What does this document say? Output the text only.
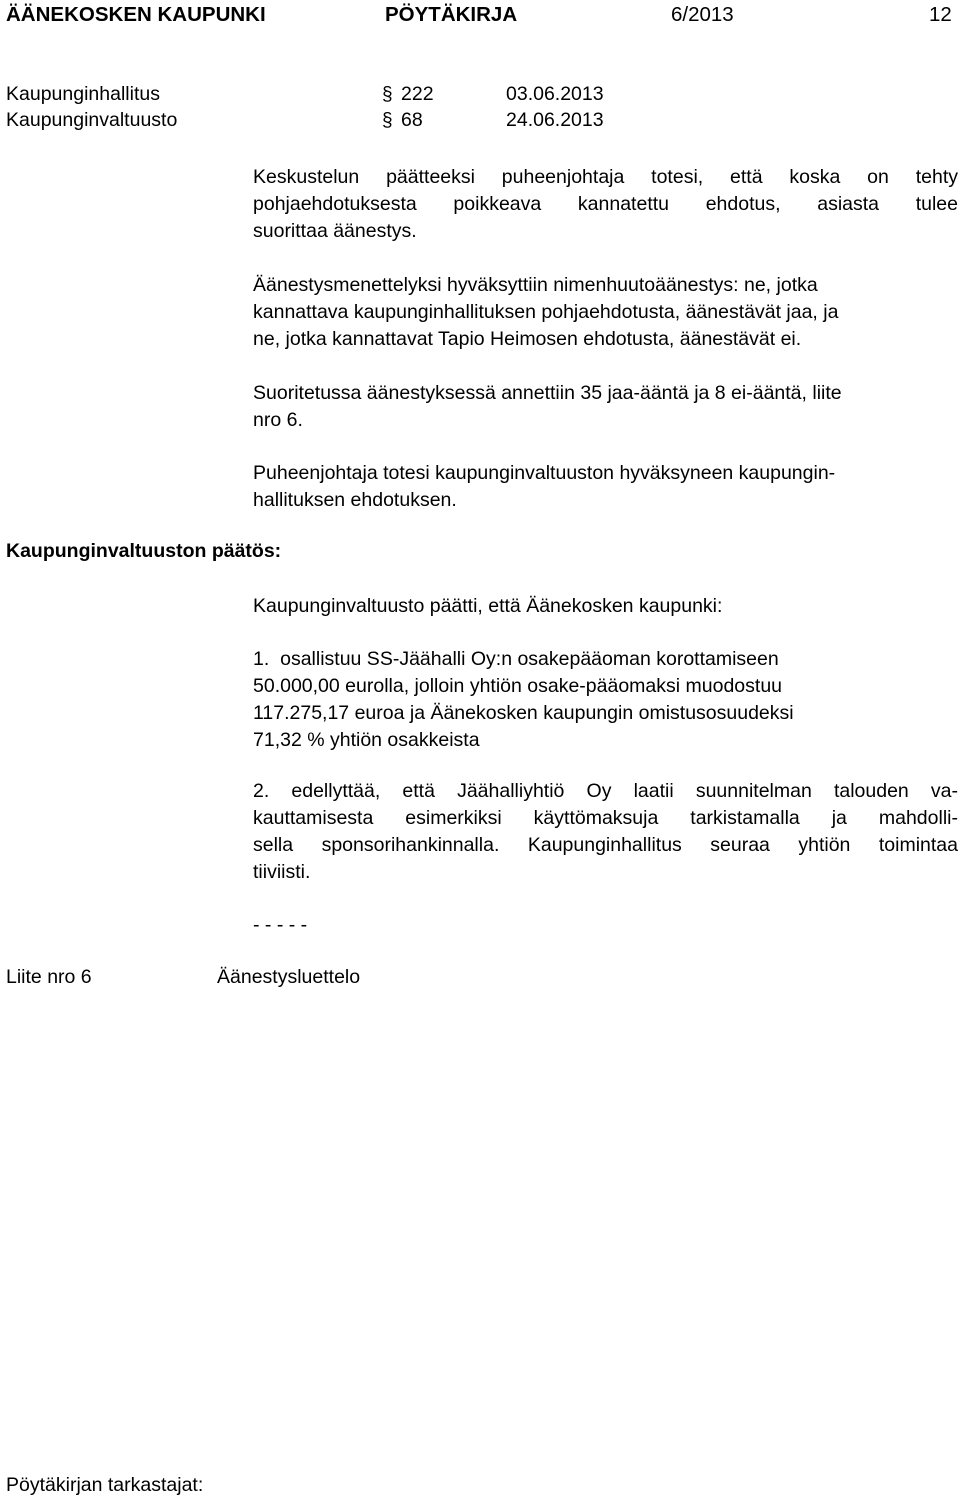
ÄÄNEKOSKEN KAUPUNKI	PÖYTÄKIRJA	6/2013	12
Kaupunginhallitus	§ 222	03.06.2013
Kaupunginvaltuusto	§ 68	24.06.2013
Keskustelun päätteeksi puheenjohtaja totesi, että koska on tehty
pohjaehdotuksesta poikkeava kannatettu ehdotus, asiasta tulee
suorittaa äänestys.
Äänestysmenettelyksi hyväksyttiin nimenhuutoäänestys: ne, jotka
kannattava kaupunginhallituksen pohjaehdotusta, äänestävät jaa, ja
ne, jotka kannattavat Tapio Heimosen ehdotusta, äänestävät ei.
Suoritetussa äänestyksessä annettiin 35 jaa-ääntä ja 8 ei-ääntä, liite
nro 6.
Puheenjohtaja totesi kaupunginvaltuuston hyväksyneen kaupungin-
hallituksen ehdotuksen.
Kaupunginvaltuuston päätös:
Kaupunginvaltuusto päätti, että Äänekosken kaupunki:
1.  osallistuu SS-Jäähalli Oy:n osakepääoman korottamiseen
50.000,00 eurolla, jolloin yhtiön osake-pääomaksi muodostuu
117.275,17 euroa ja Äänekosken kaupungin omistusosuudeksi
71,32 % yhtiön osakkeista
2. edellyttää, että Jäähalliyhtiö Oy laatii suunnitelman talouden va-
kauttamisesta esimerkiksi käyttömaksuja tarkistamalla ja mahdolli-
sella sponsorihankinnalla. Kaupunginhallitus seuraa yhtiön toimintaa
tiiviisti.
- - - - -
Liite nro 6	Äänestysluettelo
Pöytäkirjan tarkastajat:
